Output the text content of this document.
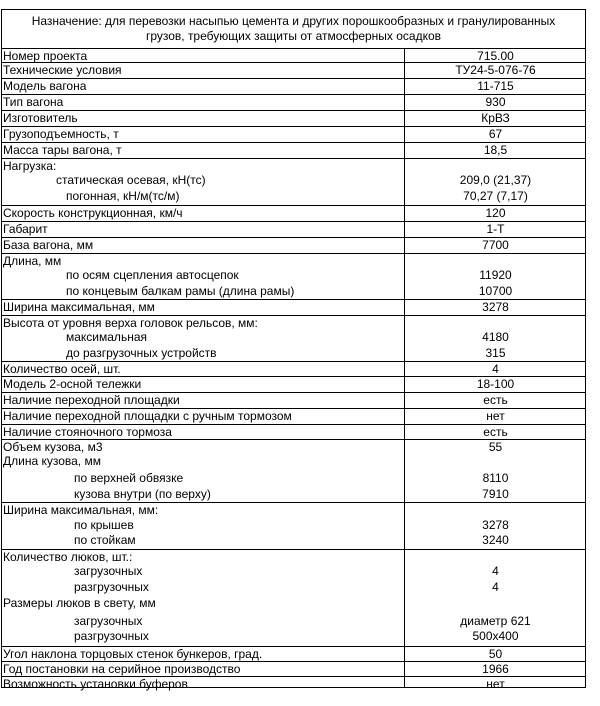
Назначение: для перевозки насыпью цемента и других порошкообразных и гранулированных
грузов, требующих защиты от атмосферных осадков
Номер проекта	715.00
Технические условия	ТУ24-5-076-76
Модель вагона	11-715
Тип вагона	930
Изготовитель	КрВЗ
Грузоподъемность, т	67
Масса тары вагона, т	18,5
Нагрузка:
статическая осевая, кН(тс)	209,0 (21,37)
погонная, кН/м(тс/м)	70,27 (7,17)
Скорость конструкционная, км/ч	120
Габарит	1-Т
База вагона, мм	7700
Длина, мм
по осям сцепления автосцепок	11920
по концевым балкам рамы (длина рамы)	10700
Ширина максимальная, мм	3278
Высота от уровня верха головок рельсов, мм:
максимальная	4180
до разгрузочных устройств	315
Количество осей, шт.	4
Модель 2-осной тележки	18-100
Наличие переходной площадки	есть
Наличие переходной площадки с ручным тормозом	нет
Наличие стояночного тормоза	есть
Объем кузова, м3	55
Длина кузова, мм
по верхней обвязке	8110
кузова внутри (по верху)	7910
Ширина максимальная, мм:
по крышев	3278
по стойкам	3240
Количество люков, шт.:
загрузочных	4
разгрузочных	4
Размеры люков в свету, мм
загрузочных	диаметр 621
разгрузочных	500x400
Угол наклона торцовых стенок бункеров, град.	50
Год постановки на серийное производство	1966
Возможность установки буферов	нет
